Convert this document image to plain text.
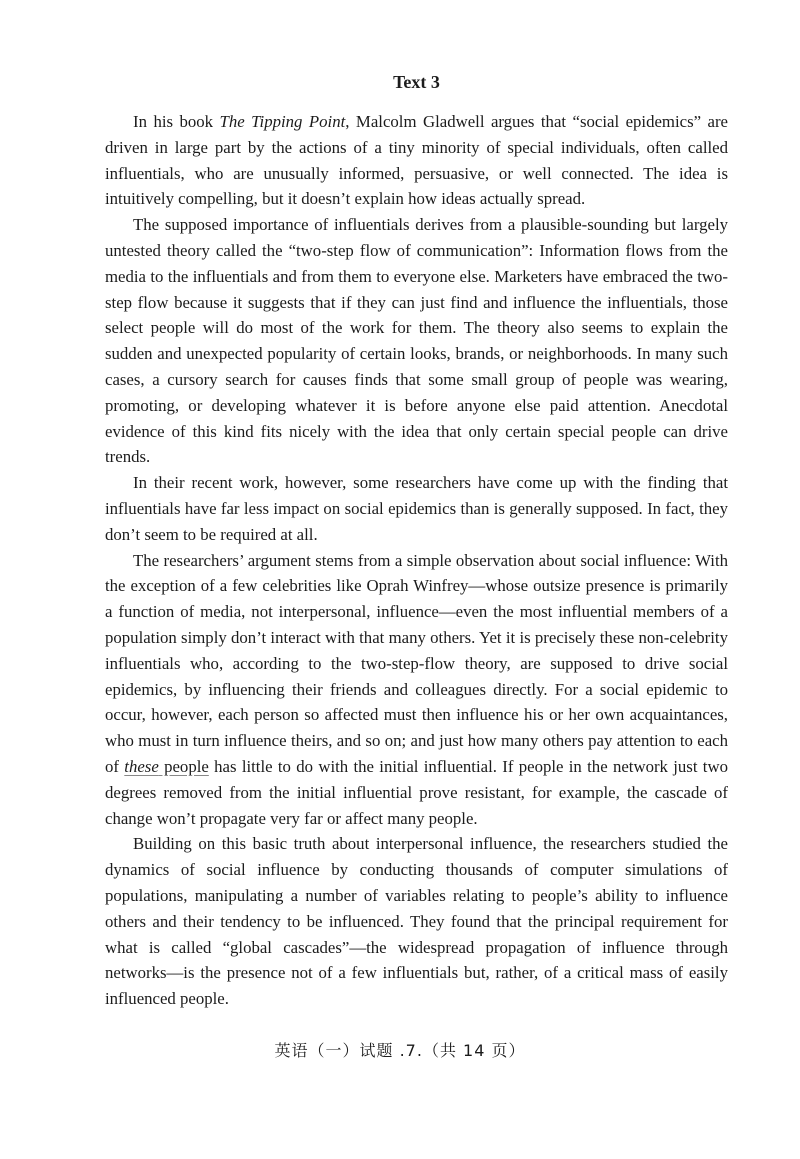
Text 3

In his book The Tipping Point, Malcolm Gladwell argues that “social epidemics” are driven in large part by the actions of a tiny minority of special individuals, often called influentials, who are unusually informed, persuasive, or well connected. The idea is intuitively compelling, but it doesn’t explain how ideas actually spread.

The supposed importance of influentials derives from a plausible-sounding but largely untested theory called the “two-step flow of communication”: Information flows from the media to the influentials and from them to everyone else. Marketers have embraced the two-step flow because it suggests that if they can just find and influence the influentials, those select people will do most of the work for them. The theory also seems to explain the sudden and unexpected popularity of certain looks, brands, or neighborhoods. In many such cases, a cursory search for causes finds that some small group of people was wearing, promoting, or developing whatever it is before anyone else paid attention. Anecdotal evidence of this kind fits nicely with the idea that only certain special people can drive trends.

In their recent work, however, some researchers have come up with the finding that influentials have far less impact on social epidemics than is generally supposed. In fact, they don’t seem to be required at all.

The researchers’ argument stems from a simple observation about social influence: With the exception of a few celebrities like Oprah Winfrey—whose outsize presence is primarily a function of media, not interpersonal, influence—even the most influential members of a population simply don’t interact with that many others. Yet it is precisely these non-celebrity influentials who, according to the two-step-flow theory, are supposed to drive social epidemics, by influencing their friends and colleagues directly. For a social epidemic to occur, however, each person so affected must then influence his or her own acquaintances, who must in turn influence theirs, and so on; and just how many others pay attention to each of these people has little to do with the initial influential. If people in the network just two degrees removed from the initial influential prove resistant, for example, the cascade of change won’t propagate very far or affect many people.

Building on this basic truth about interpersonal influence, the researchers studied the dynamics of social influence by conducting thousands of computer simulations of populations, manipulating a number of variables relating to people’s ability to influence others and their tendency to be influenced. They found that the principal requirement for what is called “global cascades”—the widespread propagation of influence through networks—is the presence not of a few influentials but, rather, of a critical mass of easily influenced people.

英语（一）试题 .7.（共 14 页）
